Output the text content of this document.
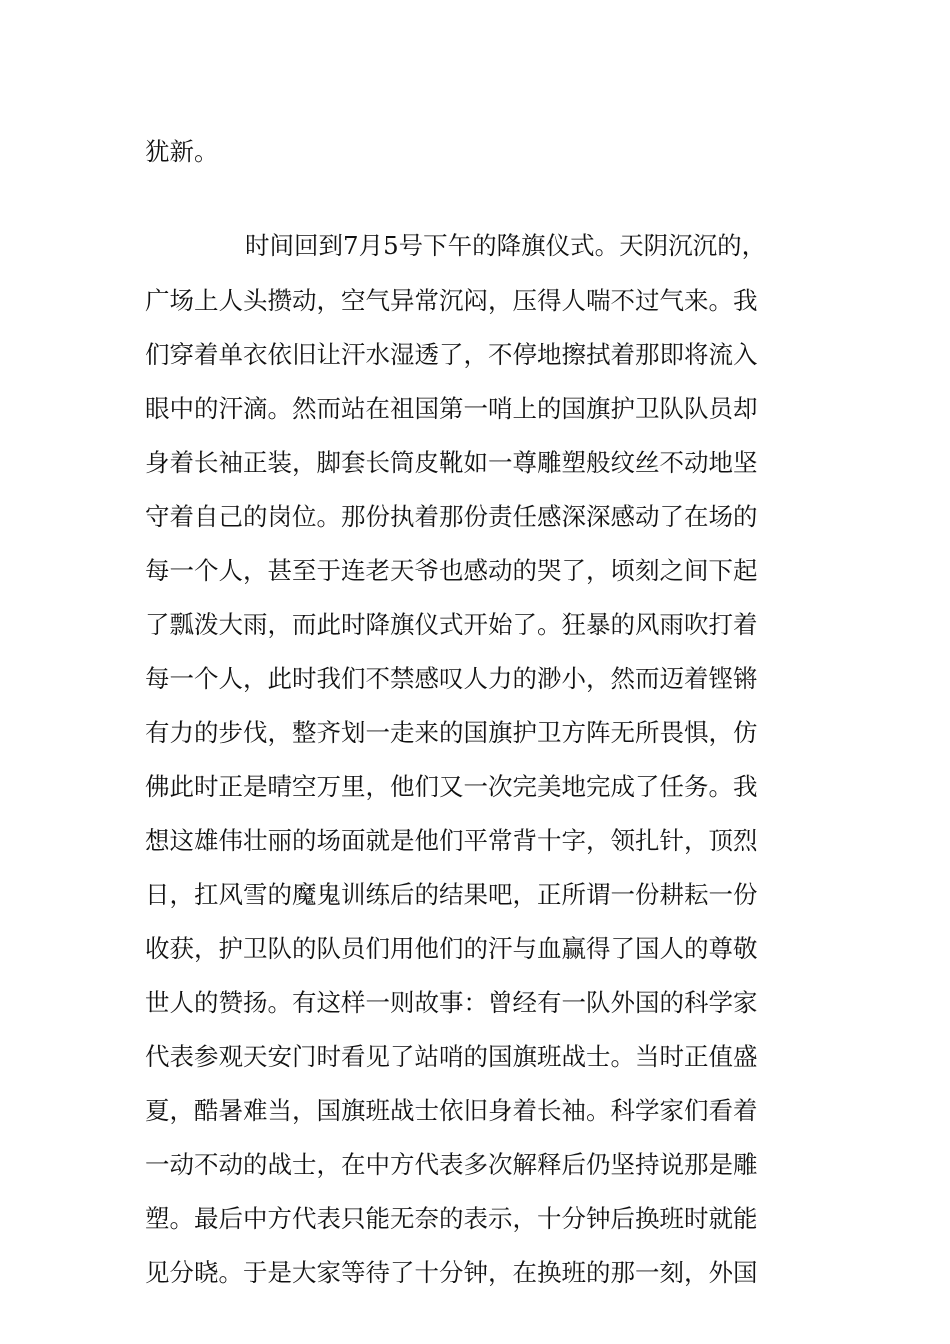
犹新。
时间回到7月5号下午的降旗仪式。天阴沉沉的，
广场上人头攒动，空气异常沉闷，压得人喘不过气来。我
们穿着单衣依旧让汗水湿透了，不停地擦拭着那即将流入
眼中的汗滴。然而站在祖国第一哨上的国旗护卫队队员却
身着长袖正装，脚套长筒皮靴如一尊雕塑般纹丝不动地坚
守着自己的岗位。那份执着那份责任感深深感动了在场的
每一个人，甚至于连老天爷也感动的哭了，顷刻之间下起
了瓢泼大雨，而此时降旗仪式开始了。狂暴的风雨吹打着
每一个人，此时我们不禁感叹人力的渺小，然而迈着铿锵
有力的步伐，整齐划一走来的国旗护卫方阵无所畏惧，仿
佛此时正是晴空万里，他们又一次完美地完成了任务。我
想这雄伟壮丽的场面就是他们平常背十字，领扎针，顶烈
日，扛风雪的魔鬼训练后的结果吧，正所谓一份耕耘一份
收获，护卫队的队员们用他们的汗与血赢得了国人的尊敬
世人的赞扬。有这样一则故事：曾经有一队外国的科学家
代表参观天安门时看见了站哨的国旗班战士。当时正值盛
夏，酷暑难当，国旗班战士依旧身着长袖。科学家们看着
一动不动的战士，在中方代表多次解释后仍坚持说那是雕
塑。最后中方代表只能无奈的表示，十分钟后换班时就能
见分晓。于是大家等待了十分钟，在换班的那一刻，外国
